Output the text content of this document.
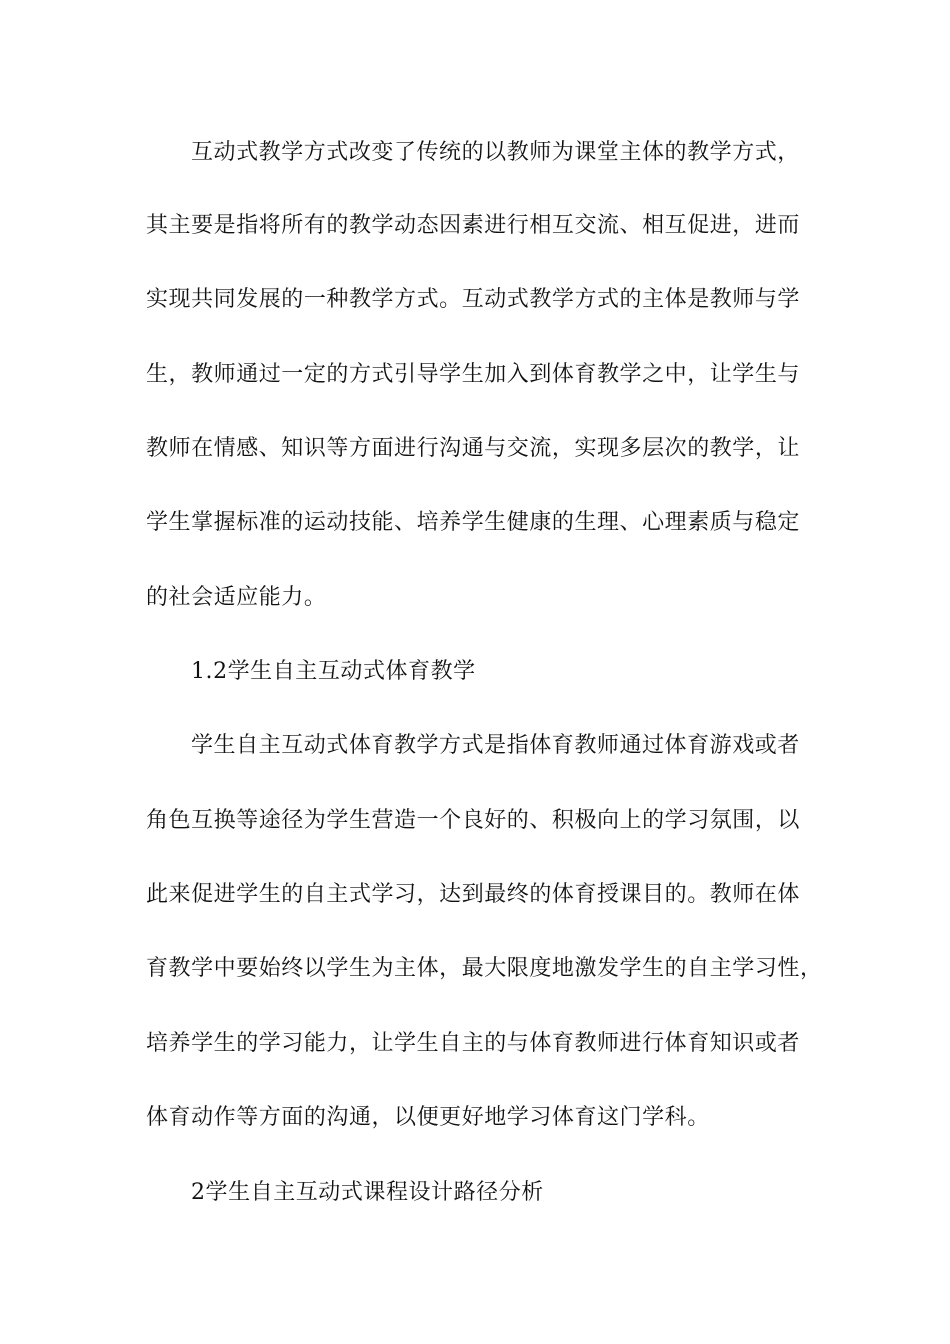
互动式教学方式改变了传统的以教师为课堂主体的教学方式，
其主要是指将所有的教学动态因素进行相互交流、相互促进，进而
实现共同发展的一种教学方式。互动式教学方式的主体是教师与学
生，教师通过一定的方式引导学生加入到体育教学之中，让学生与
教师在情感、知识等方面进行沟通与交流，实现多层次的教学，让
学生掌握标准的运动技能、培养学生健康的生理、心理素质与稳定
的社会适应能力。
1.2学生自主互动式体育教学
学生自主互动式体育教学方式是指体育教师通过体育游戏或者
角色互换等途径为学生营造一个良好的、积极向上的学习氛围，以
此来促进学生的自主式学习，达到最终的体育授课目的。教师在体
育教学中要始终以学生为主体，最大限度地激发学生的自主学习性，
培养学生的学习能力，让学生自主的与体育教师进行体育知识或者
体育动作等方面的沟通，以便更好地学习体育这门学科。
2学生自主互动式课程设计路径分析
